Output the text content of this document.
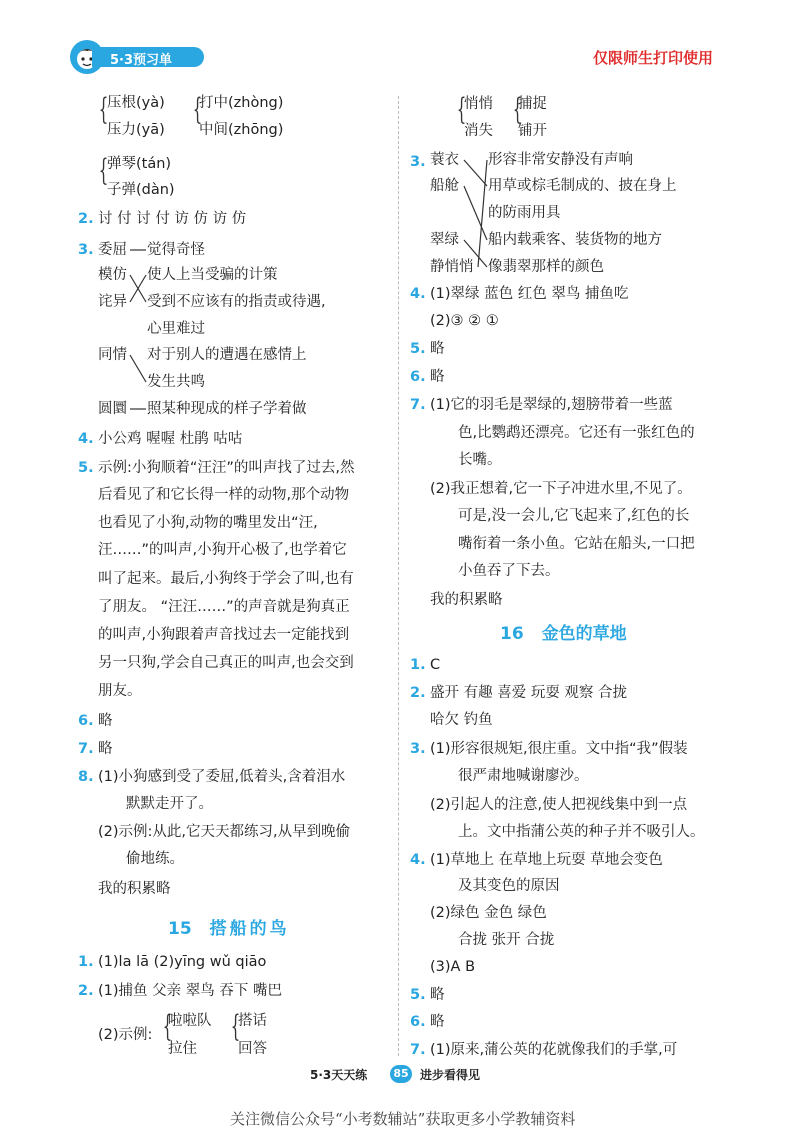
5·3预习单	仅限师生打印使用
{
压根(yà)
压力(yā)
{
打中(zhòng)
中间(zhōng)
{
弹琴(tán)
子弹(dàn)
2. 讨 付 讨 付 访 仿 访 仿
3. 委屈
模仿
诧异
同情
圆圜
觉得奇怪
使人上当受骗的计策
受到不应该有的指责或待遇,
心里难过
对于别人的遭遇在感情上
发生共鸣
照某种现成的样子学着做
4. 小公鸡 喔喔 杜鹃 咕咕
5. 示例:小狗顺着“汪汪”的叫声找了过去,然
后看见了和它长得一样的动物,那个动物
也看见了小狗,动物的嘴里发出“汪,
汪……”的叫声,小狗开心极了,也学着它
叫了起来。最后,小狗终于学会了叫,也有
了朋友。 “汪汪……”的声音就是狗真正
的叫声,小狗跟着声音找过去一定能找到
另一只狗,学会自己真正的叫声,也会交到
朋友。
6. 略
7. 略
8. (1)小狗感到受了委屈,低着头,含着泪水
默默走开了。
(2)示例:从此,它天天都练习,从早到晚偷
偷地练。
我的积累略
15 搭船的鸟
1. (1)la lā (2)yīng wǔ qiāo
2. (1)捕鱼 父亲 翠鸟 吞下 嘴巴
(2)示例: {
啦啦队
拉住
{
搭话
回答
{
悄悄
消失
{
捕捉
铺开
3. 蓑衣
船舱
翠绿
静悄悄
形容非常安静没有声响
用草或棕毛制成的、披在身上
的防雨用具
船内载乘客、装货物的地方
像翡翠那样的颜色
4. (1)翠绿 蓝色 红色 翠鸟 捕鱼吃
(2)③ ② ①
5. 略
6. 略
7. (1)它的羽毛是翠绿的,翅膀带着一些蓝
色,比鹦鹉还漂亮。它还有一张红色的
长嘴。
(2)我正想着,它一下子冲进水里,不见了。
可是,没一会儿,它飞起来了,红色的长
嘴衔着一条小鱼。它站在船头,一口把
小鱼吞了下去。
我的积累略
16 金色的草地
1. C
2. 盛开 有趣 喜爱 玩耍 观察 合拢
哈欠 钓鱼
3. (1)形容很规矩,很庄重。文中指“我”假装
很严肃地喊谢廖沙。
(2)引起人的注意,使人把视线集中到一点
上。文中指蒲公英的种子并不吸引人。
4. (1)草地上 在草地上玩耍 草地会变色
及其变色的原因
(2)绿色 金色 绿色
合拢 张开 合拢
(3)A B
5. 略
6. 略
7. (1)原来,蒲公英的花就像我们的手掌,可
5·3天天练	85 进步看得见
关注微信公众号“小考数辅站”获取更多小学教辅资料
